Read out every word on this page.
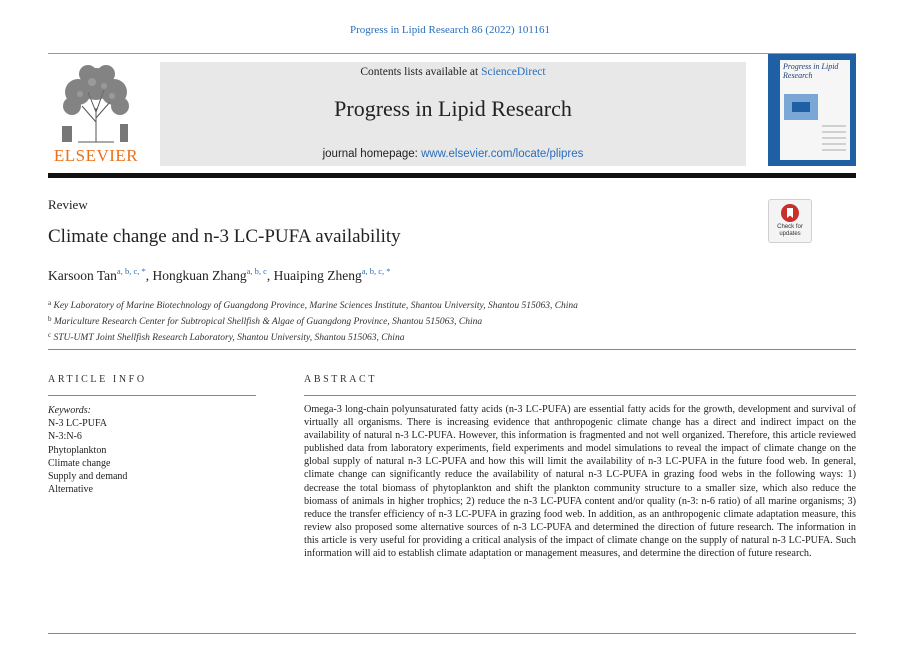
Progress in Lipid Research 86 (2022) 101161
ELSEVIER
Contents lists available at ScienceDirect
Progress in Lipid Research
journal homepage: www.elsevier.com/locate/plipres
Progress in Lipid Research
Review
Climate change and n-3 LC-PUFA availability	Check for updates
Karsoon Tan$^{a, b, c, *}$, Hongkuan Zhang$^{a, b, c}$, Huaiping Zheng$^{a, b, c, *}$
$^a$ Key Laboratory of Marine Biotechnology of Guangdong Province, Marine Sciences Institute, Shantou University, Shantou 515063, China
$^b$ Mariculture Research Center for Subtropical Shellfish & Algae of Guangdong Province, Shantou 515063, China
$^c$ STU-UMT Joint Shellfish Research Laboratory, Shantou University, Shantou 515063, China
ARTICLE INFO
Keywords:
N-3 LC-PUFA
N-3:N-6
Phytoplankton
Climate change
Supply and demand
Alternative
ABSTRACT
Omega-3 long-chain polyunsaturated fatty acids (n-3 LC-PUFA) are essential fatty acids for the growth, development and survival of virtually all organisms. There is increasing evidence that anthropogenic climate change has a direct and indirect impact on the availability of natural n-3 LC-PUFA. However, this information is fragmented and not well organized. Therefore, this article reviewed published data from laboratory experiments, field experiments and model simulations to reveal the impact of climate change on the global supply of natural n-3 LC-PUFA and how this will limit the availability of n-3 LC-PUFA in the future food web. In general, climate change can significantly reduce the availability of natural n-3 LC-PUFA in grazing food webs in the following ways: 1) decrease the total biomass of phytoplankton and shift the plankton community structure to a smaller size, which also reduce the biomass of animals in higher trophics; 2) reduce the n-3 LC-PUFA content and/or quality (n-3: n-6 ratio) of all marine organisms; 3) reduce the transfer efficiency of n-3 LC-PUFA in grazing food web. In addition, as an anthropogenic climate adaptation measure, this review also proposed some alternative sources of n-3 LC-PUFA and determined the direction of future research. The information in this article is very useful for providing a critical analysis of the impact of climate change on the supply of natural n-3 LC-PUFA. Such information will aid to establish climate adaptation or management measures, and determine the direction of future research.
